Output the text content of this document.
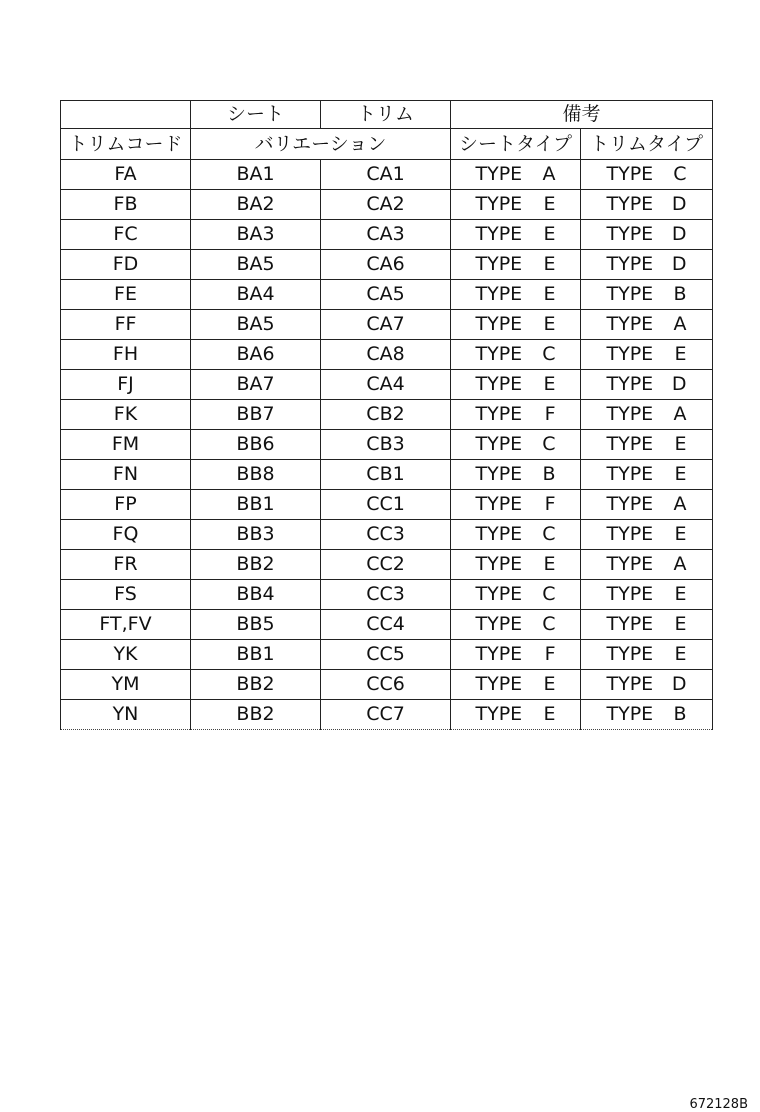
	シート	トリム	備考	
トリムコード	バリエーション		シートタイプ	トリムタイプ
FA	BA1	CA1	TYPE A	TYPE C
FB	BA2	CA2	TYPE E	TYPE D
FC	BA3	CA3	TYPE E	TYPE D
FD	BA5	CA6	TYPE E	TYPE D
FE	BA4	CA5	TYPE E	TYPE B
FF	BA5	CA7	TYPE E	TYPE A
FH	BA6	CA8	TYPE C	TYPE E
FJ	BA7	CA4	TYPE E	TYPE D
FK	BB7	CB2	TYPE F	TYPE A
FM	BB6	CB3	TYPE C	TYPE E
FN	BB8	CB1	TYPE B	TYPE E
FP	BB1	CC1	TYPE F	TYPE A
FQ	BB3	CC3	TYPE C	TYPE E
FR	BB2	CC2	TYPE E	TYPE A
FS	BB4	CC3	TYPE C	TYPE E
FT,FV	BB5	CC4	TYPE C	TYPE E
YK	BB1	CC5	TYPE F	TYPE E
YM	BB2	CC6	TYPE E	TYPE D
YN	BB2	CC7	TYPE E	TYPE B
672128B
